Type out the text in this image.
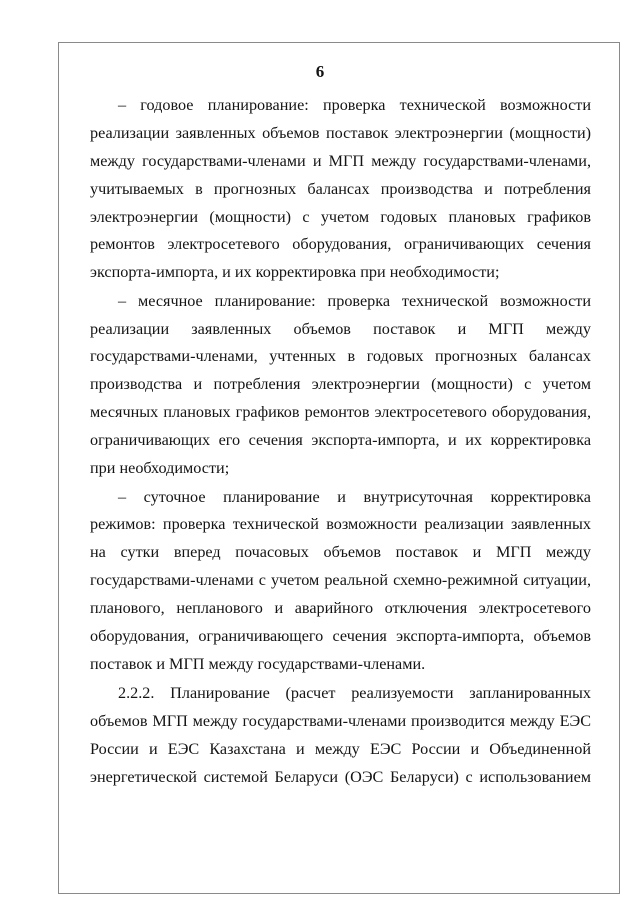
6
– годовое планирование: проверка технической возможности
реализации заявленных объемов поставок электроэнергии (мощности)
между государствами-членами и МГП между государствами-членами,
учитываемых в прогнозных балансах производства и потребления
электроэнергии (мощности) с учетом годовых плановых графиков
ремонтов электросетевого оборудования, ограничивающих сечения
экспорта-импорта, и их корректировка при необходимости;
– месячное планирование: проверка технической возможности
реализации заявленных объемов поставок и МГП между
государствами-членами, учтенных в годовых прогнозных балансах
производства и потребления электроэнергии (мощности) с учетом
месячных плановых графиков ремонтов электросетевого оборудования,
ограничивающих его сечения экспорта-импорта, и их корректировка
при необходимости;
– суточное планирование и внутрисуточная корректировка
режимов: проверка технической возможности реализации заявленных
на сутки вперед почасовых объемов поставок и МГП между
государствами-членами с учетом реальной схемно-режимной ситуации,
планового, непланового и аварийного отключения электросетевого
оборудования, ограничивающего сечения экспорта-импорта, объемов
поставок и МГП между государствами-членами.
2.2.2. Планирование (расчет реализуемости запланированных
объемов МГП между государствами-членами производится между ЕЭС
России и ЕЭС Казахстана и между ЕЭС России и Объединенной
энергетической системой Беларуси (ОЭС Беларуси) с использованием
